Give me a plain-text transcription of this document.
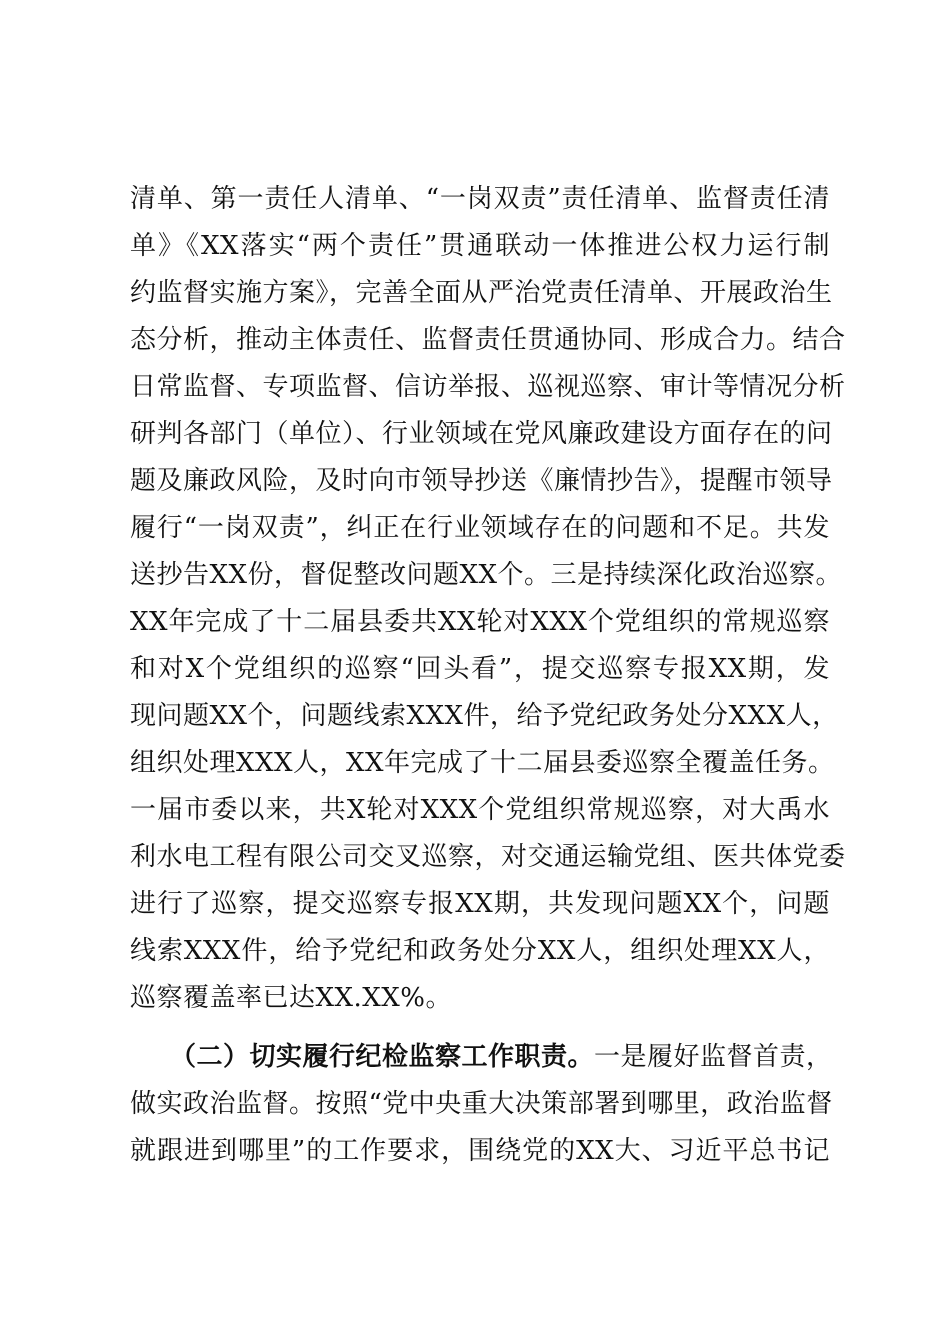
清单、第一责任人清单、“一岗双责”责任清单、监督责任清
单》《XX落实“两个责任”贯通联动一体推进公权力运行制
约监督实施方案》，完善全面从严治党责任清单、开展政治生
态分析，推动主体责任、监督责任贯通协同、形成合力。结合
日常监督、专项监督、信访举报、巡视巡察、审计等情况分析
研判各部门（单位）、行业领域在党风廉政建设方面存在的问
题及廉政风险，及时向市领导抄送《廉情抄告》，提醒市领导
履行“一岗双责”，纠正在行业领域存在的问题和不足。共发
送抄告XX份，督促整改问题XX个。三是持续深化政治巡察。
XX年完成了十二届县委共XX轮对XXX个党组织的常规巡察
和对X个党组织的巡察“回头看”，提交巡察专报XX期，发
现问题XX个，问题线索XXX件，给予党纪政务处分XXX人，
组织处理XXX人，XX年完成了十二届县委巡察全覆盖任务。
一届市委以来，共X轮对XXX个党组织常规巡察，对大禹水
利水电工程有限公司交叉巡察，对交通运输党组、医共体党委
进行了巡察，提交巡察专报XX期，共发现问题XX个，问题
线索XXX件，给予党纪和政务处分XX人，组织处理XX人，
巡察覆盖率已达XX.XX%。
（二）切实履行纪检监察工作职责。一是履好监督首责，
做实政治监督。按照“党中央重大决策部署到哪里，政治监督
就跟进到哪里”的工作要求，围绕党的XX大、习近平总书记
